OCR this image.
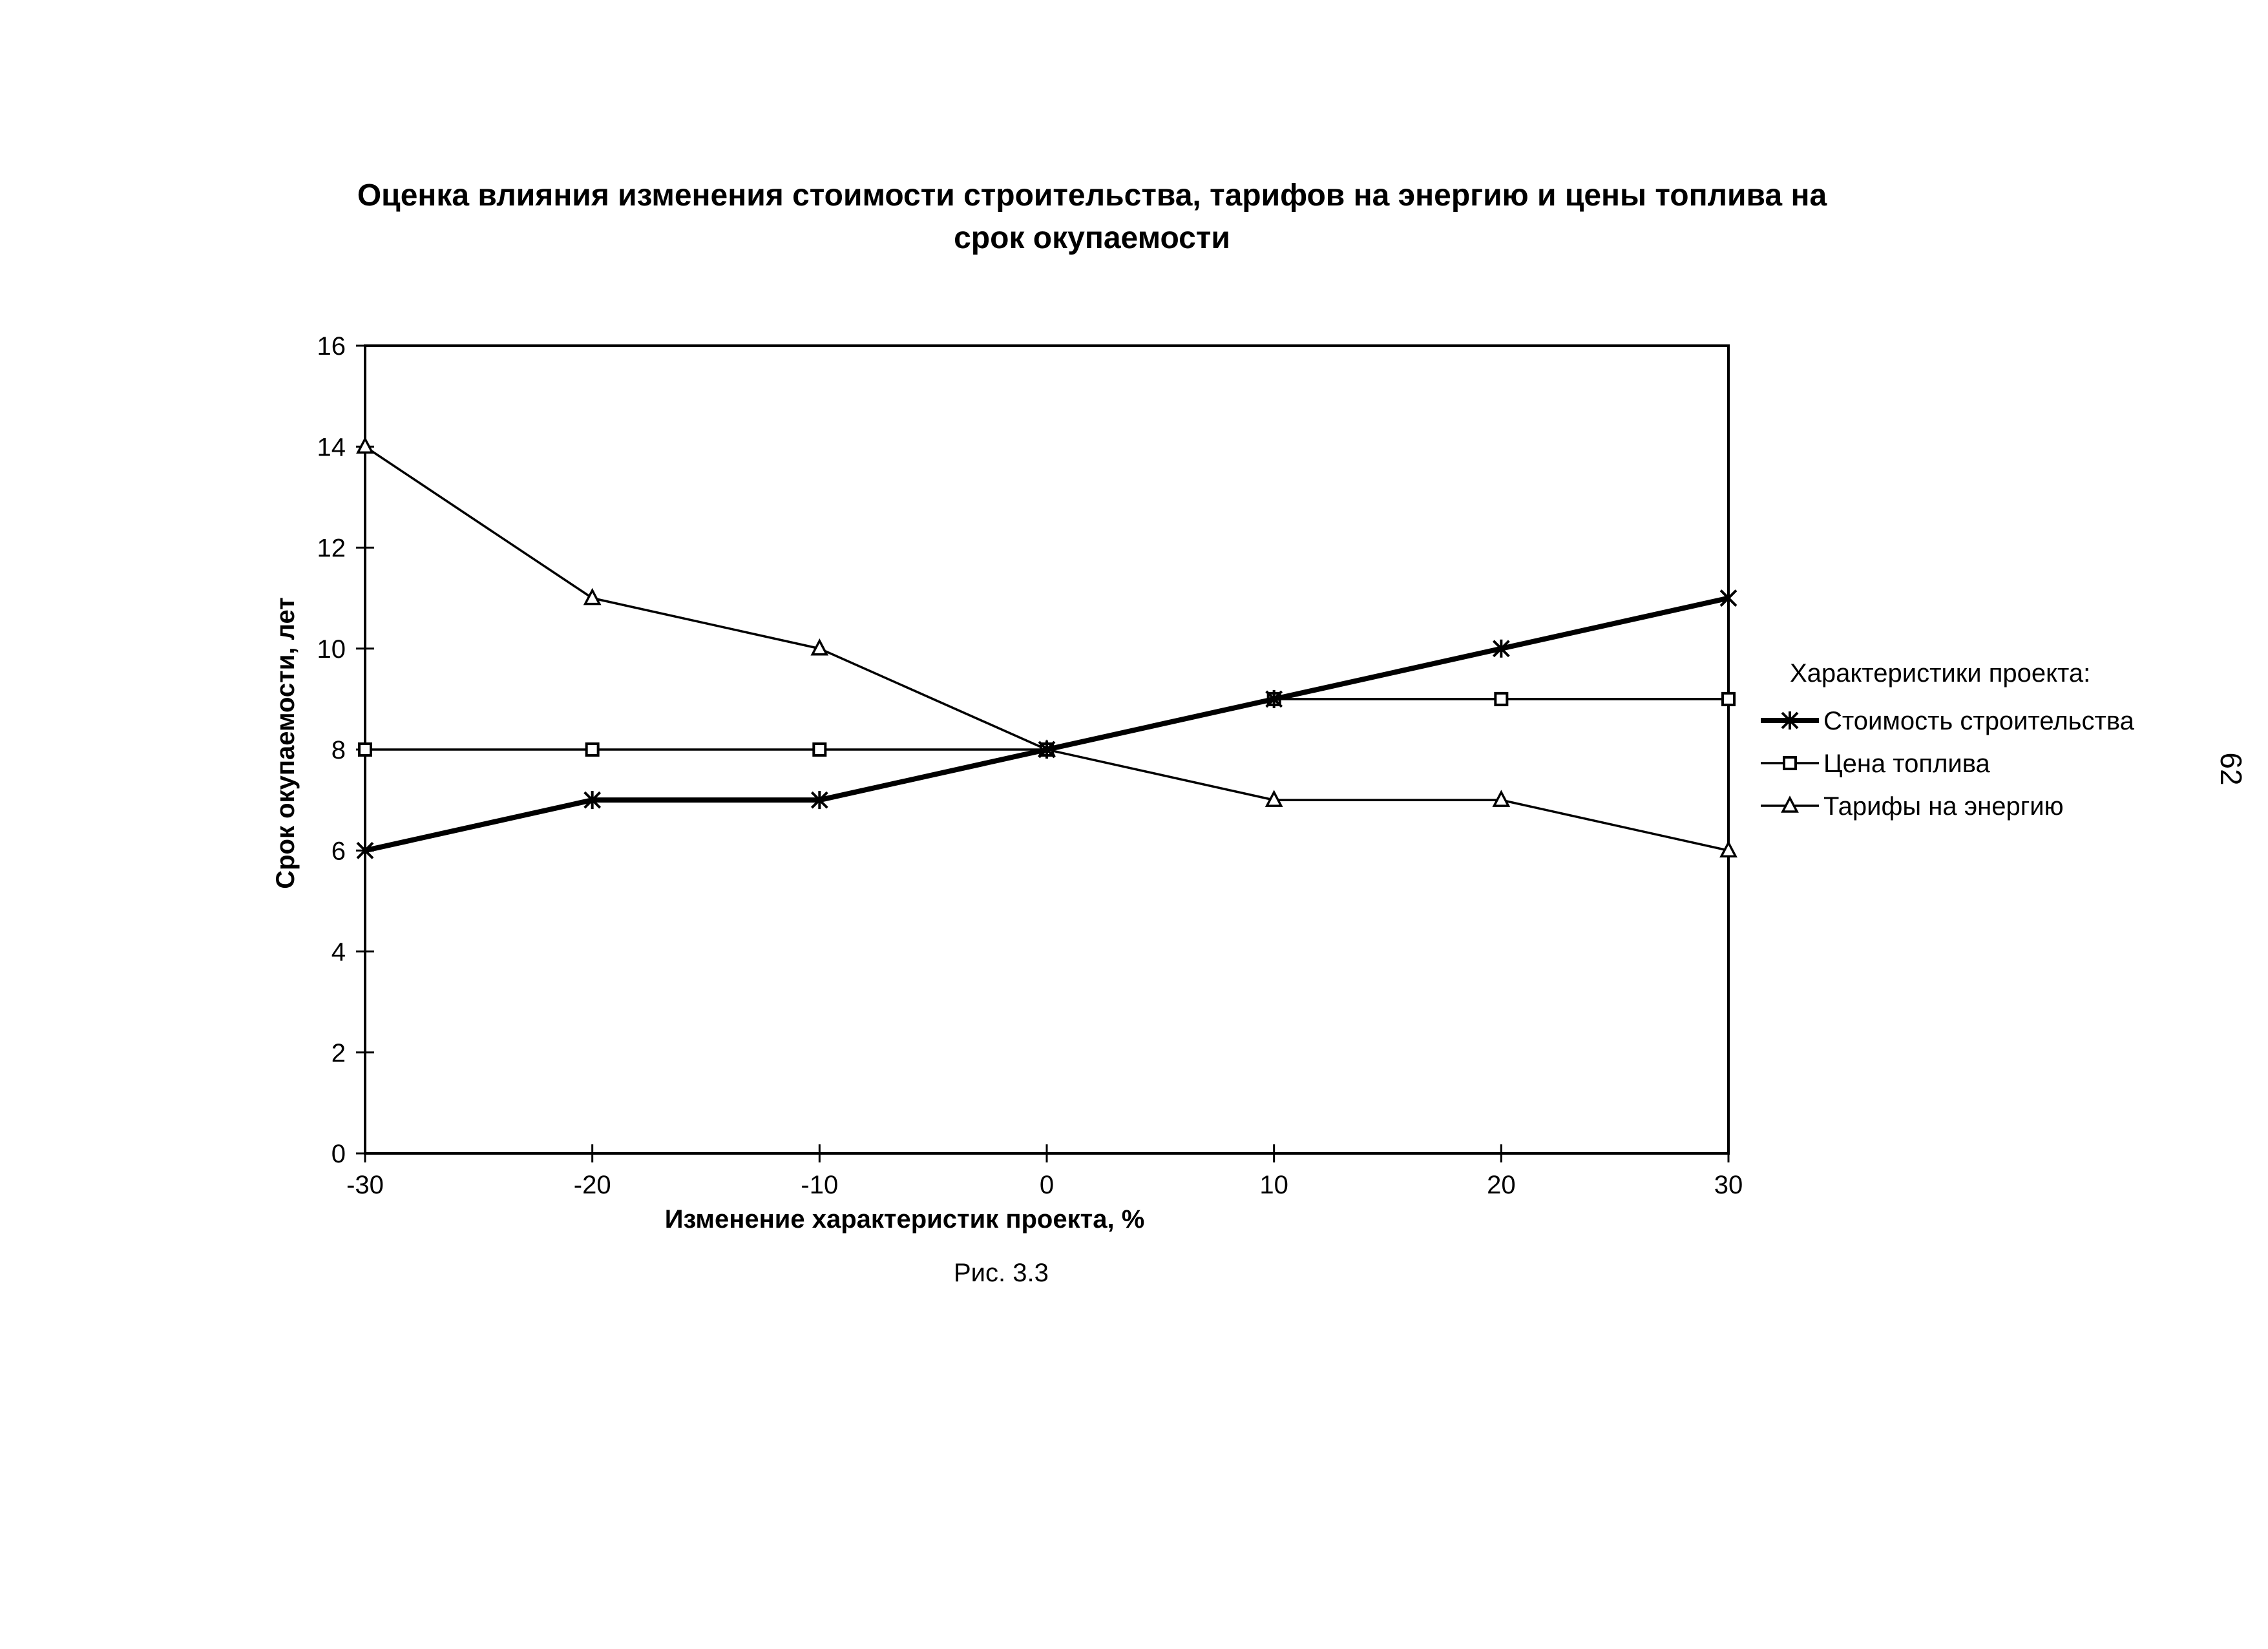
Оценка влияния изменения стоимости строительства, тарифов на энергию и цены топлива на
срок окупаемости
0
2
4
6
8
10
12
14
16
-30	-20	-10	0	10	20	30
Изменение характеристик проекта, %
Срок окупаемости, лет	Характеристики проекта:
Стоимость строительства
Цена топлива
Тарифы на энергию
Рис. 3.3
62
